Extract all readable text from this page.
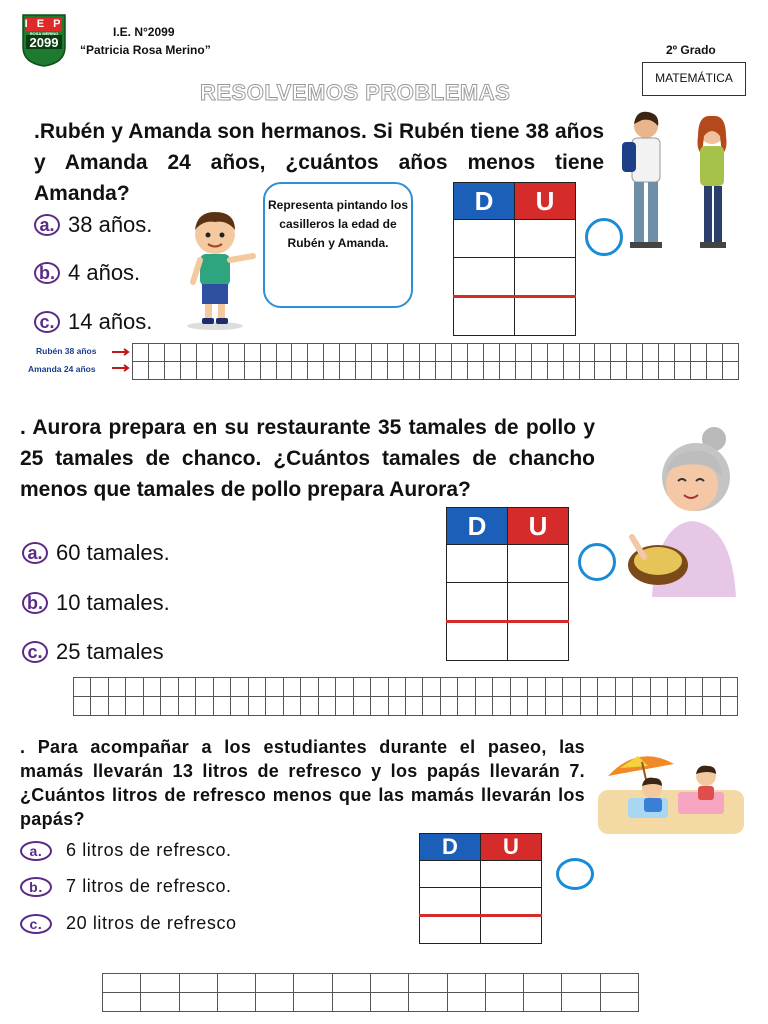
I E P
ROSA MERINO
2099
I.E. N°2099
“Patricia Rosa Merino”	2º Grado
MATEMÁTICA
RESOLVEMOS PROBLEMAS
.Rubén y Amanda son hermanos. Si Rubén tiene 38 años y Amanda 24 años, ¿cuántos años menos tiene Amanda?
a. 38 años.
b. 4 años.
c. 14 años.
Representa pintando los casilleros la edad de Rubén y Amanda.
D	U

Rubén 38 años
Amanda 24 años
. Aurora prepara en su restaurante 35 tamales de pollo y 25 tamales de chanco. ¿Cuántos tamales de chancho menos que tamales de pollo prepara Aurora?
a. 60 tamales.
b. 10 tamales.
c. 25 tamales
D	U

. Para acompañar a los estudiantes durante el paseo, las mamás llevarán 13 litros de refresco y los papás llevarán 7. ¿Cuántos litros de refresco menos que las mamás llevarán los papás?
a.	6 litros de refresco.
b.	7 litros de refresco.
c.	20 litros de refresco
D	U
